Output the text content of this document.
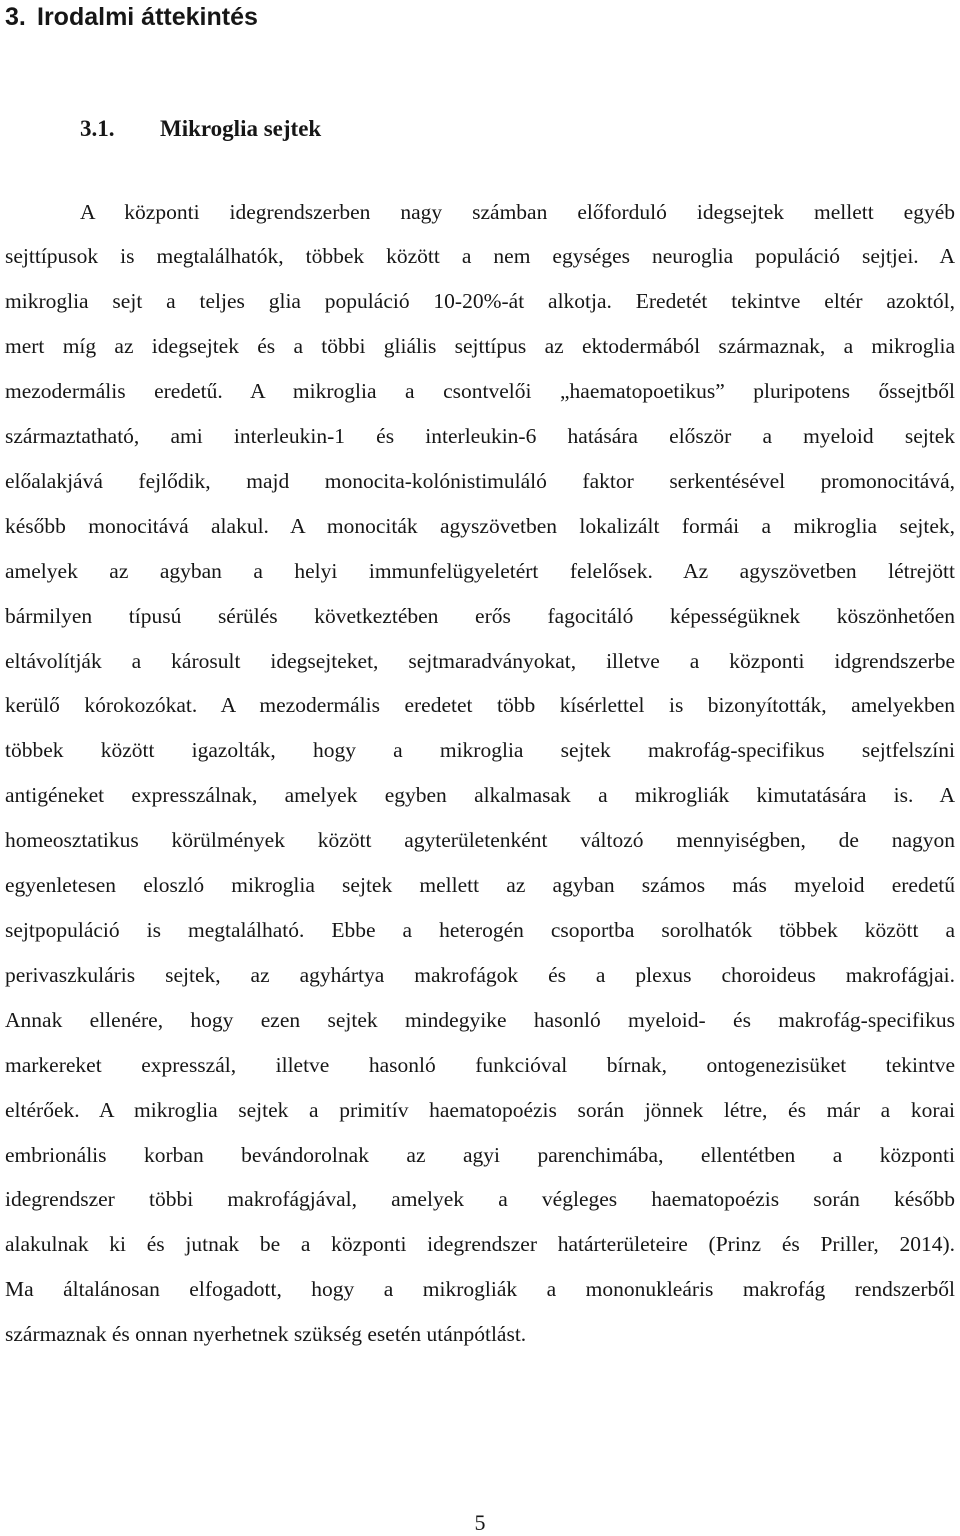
3. Irodalmi áttekintés
3.1. Mikroglia sejtek
A központi idegrendszerben nagy számban előforduló idegsejtek mellett egyéb
sejttípusok is megtalálhatók, többek között a nem egységes neuroglia populáció sejtjei. A
mikroglia sejt a teljes glia populáció 10-20%-át alkotja. Eredetét tekintve eltér azoktól,
mert míg az idegsejtek és a többi gliális sejttípus az ektodermából származnak, a mikroglia
mezodermális eredetű. A mikroglia a csontvelői „haematopoetikus” pluripotens őssejtből
származtatható, ami interleukin-1 és interleukin-6 hatására először a myeloid sejtek
előalakjává fejlődik, majd monocita-kolónistimuláló faktor serkentésével promonocitává,
később monocitává alakul. A monociták agyszövetben lokalizált formái a mikroglia sejtek,
amelyek az agyban a helyi immunfelügyeletért felelősek. Az agyszövetben létrejött
bármilyen típusú sérülés következtében erős fagocitáló képességüknek köszönhetően
eltávolítják a károsult idegsejteket, sejtmaradványokat, illetve a központi idgrendszerbe
kerülő kórokozókat. A mezodermális eredetet több kísérlettel is bizonyították, amelyekben
többek között igazolták, hogy a mikroglia sejtek makrofág-specifikus sejtfelszíni
antigéneket expresszálnak, amelyek egyben alkalmasak a mikrogliák kimutatására is. A
homeosztatikus körülmények között agyterületenként változó mennyiségben, de nagyon
egyenletesen eloszló mikroglia sejtek mellett az agyban számos más myeloid eredetű
sejtpopuláció is megtalálható. Ebbe a heterogén csoportba sorolhatók többek között a
perivaszkuláris sejtek, az agyhártya makrofágok és a plexus choroideus makrofágjai.
Annak ellenére, hogy ezen sejtek mindegyike hasonló myeloid- és makrofág-specifikus
markereket expresszál, illetve hasonló funkcióval bírnak, ontogenezisüket tekintve
eltérőek. A mikroglia sejtek a primitív haematopoézis során jönnek létre, és már a korai
embrionális korban bevándorolnak az agyi parenchimába, ellentétben a központi
idegrendszer többi makrofágjával, amelyek a végleges haematopoézis során később
alakulnak ki és jutnak be a központi idegrendszer határterületeire (Prinz és Priller, 2014).
Ma általánosan elfogadott, hogy a mikrogliák a mononukleáris makrofág rendszerből
származnak és onnan nyerhetnek szükség esetén utánpótlást.
5
